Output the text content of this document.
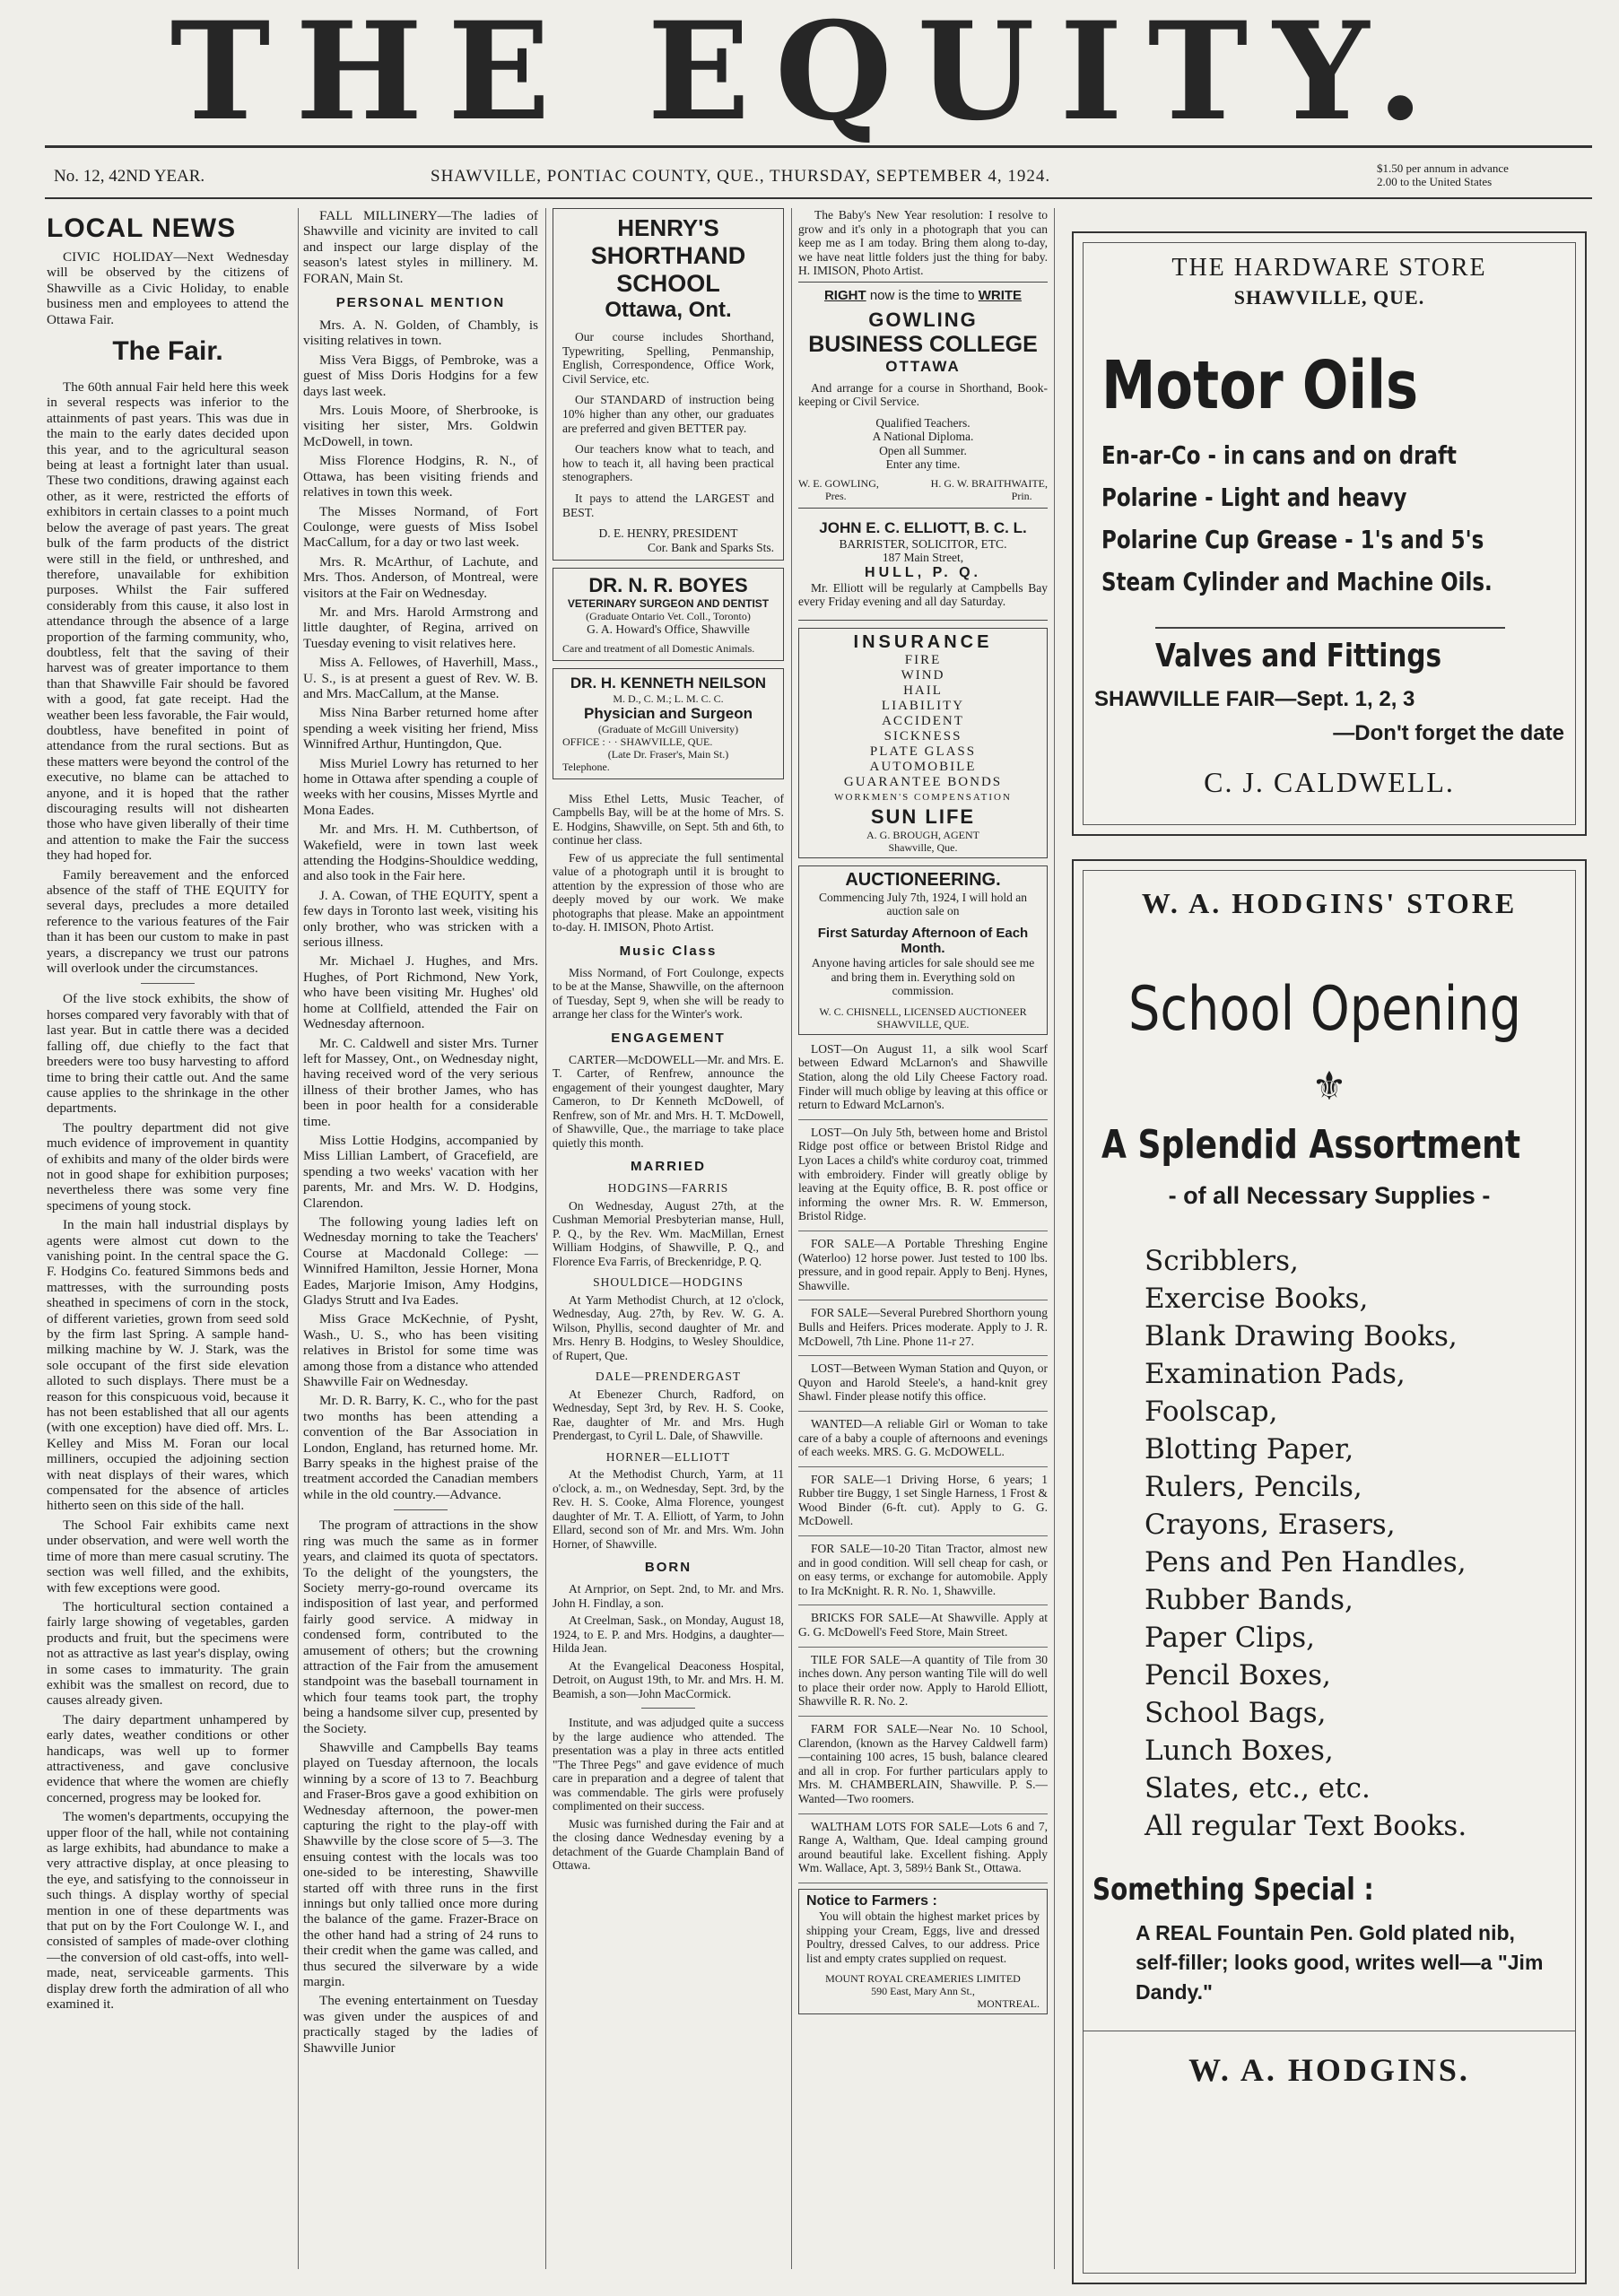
THE EQUITY.
No. 12, 42ND YEAR.	SHAWVILLE, PONTIAC COUNTY, QUE., THURSDAY, SEPTEMBER 4, 1924.	$1.50 per annum in advance
2.00 to the United States
LOCAL NEWS

CIVIC HOLIDAY—Next Wednesday will be observed by the citizens of Shawville as a Civic Holiday, to enable business men and employees to attend the Ottawa Fair.

The Fair.

The 60th annual Fair held here this week in several respects was inferior to the attainments of past years. This was due in the main to the early dates decided upon this year, and to the agricultural season being at least a fortnight later than usual. These two conditions, drawing against each other, as it were, restricted the efforts of exhibitors in certain classes to a point much below the average of past years. The great bulk of the farm products of the district were still in the field, or unthreshed, and therefore, unavailable for exhibition purposes. Whilst the Fair suffered considerably from this cause, it also lost in attendance through the absence of a large proportion of the farming community, who, doubtless, felt that the saving of their harvest was of greater importance to them than that Shawville Fair should be favored with a good, fat gate receipt. Had the weather been less favorable, the Fair would, doubtless, have benefited in point of attendance from the rural sections. But as these matters were beyond the control of the executive, no blame can be attached to anyone, and it is hoped that the rather discouraging results will not dishearten those who have given liberally of their time and attention to make the Fair the success they had hoped for.

Family bereavement and the enforced absence of the staff of THE EQUITY for several days, precludes a more detailed reference to the various features of the Fair than it has been our custom to make in past years, a discrepancy we trust our patrons will overlook under the circumstances.

Of the live stock exhibits, the show of horses compared very favorably with that of last year. But in cattle there was a decided falling off, due chiefly to the fact that breeders were too busy harvesting to afford time to bring their cattle out. And the same cause applies to the shrinkage in the other departments.

The poultry department did not give much evidence of improvement in quantity of exhibits and many of the older birds were not in good shape for exhibition purposes; nevertheless there was some very fine specimens of young stock.

In the main hall industrial displays by agents were almost cut down to the vanishing point. In the central space the G. F. Hodgins Co. featured Simmons beds and mattresses, with the surrounding posts sheathed in specimens of corn in the stock, of different varieties, grown from seed sold by the firm last Spring. A sample hand-milking machine by W. J. Stark, was the sole occupant of the first side elevation alloted to such displays. There must be a reason for this conspicuous void, because it has not been established that all our agents (with one exception) have died off. Mrs. L. Kelley and Miss M. Foran our local milliners, occupied the adjoining section with neat displays of their wares, which compensated for the absence of articles hitherto seen on this side of the hall.

The School Fair exhibits came next under observation, and were well worth the time of more than mere casual scrutiny. The section was well filled, and the exhibits, with few exceptions were good.

The horticultural section contained a fairly large showing of vegetables, garden products and fruit, but the specimens were not as attractive as last year's display, owing in some cases to immaturity. The grain exhibit was the smallest on record, due to causes already given.

The dairy department unhampered by early dates, weather conditions or other handicaps, was well up to former attractiveness, and gave conclusive evidence that where the women are chiefly concerned, progress may be looked for.

The women's departments, occupying the upper floor of the hall, while not containing as large exhibits, had abundance to make a very attractive display, at once pleasing to the eye, and satisfying to the connoisseur in such things. A display worthy of special mention in one of these departments was that put on by the Fort Coulonge W. I., and consisted of samples of made-over clothing—the conversion of old cast-offs, into well-made, neat, serviceable garments. This display drew forth the admiration of all who examined it.

FALL MILLINERY—The ladies of Shawville and vicinity are invited to call and inspect our large display of the season's latest styles in millinery. M. FORAN, Main St.

PERSONAL MENTION

Mrs. A. N. Golden, of Chambly, is visiting relatives in town.

Miss Vera Biggs, of Pembroke, was a guest of Miss Doris Hodgins for a few days last week.

Mrs. Louis Moore, of Sherbrooke, is visiting her sister, Mrs. Goldwin McDowell, in town.

Miss Florence Hodgins, R. N., of Ottawa, has been visiting friends and relatives in town this week.

The Misses Normand, of Fort Coulonge, were guests of Miss Isobel MacCallum, for a day or two last week.

Mrs. R. McArthur, of Lachute, and Mrs. Thos. Anderson, of Montreal, were visitors at the Fair on Wednesday.

Mr. and Mrs. Harold Armstrong and little daughter, of Regina, arrived on Tuesday evening to visit relatives here.

Miss A. Fellowes, of Haverhill, Mass., U. S., is at present a guest of Rev. W. B. and Mrs. MacCallum, at the Manse.

Miss Nina Barber returned home after spending a week visiting her friend, Miss Winnifred Arthur, Huntingdon, Que.

Miss Muriel Lowry has returned to her home in Ottawa after spending a couple of weeks with her cousins, Misses Myrtle and Mona Eades.

Mr. and Mrs. H. M. Cuthbertson, of Wakefield, were in town last week attending the Hodgins-Shouldice wedding, and also took in the Fair here.

J. A. Cowan, of THE EQUITY, spent a few days in Toronto last week, visiting his only brother, who was stricken with a serious illness.

Mr. Michael J. Hughes, and Mrs. Hughes, of Port Richmond, New York, who have been visiting Mr. Hughes' old home at Collfield, attended the Fair on Wednesday afternoon.

Mr. C. Caldwell and sister Mrs. Turner left for Massey, Ont., on Wednesday night, having received word of the very serious illness of their brother James, who has been in poor health for a considerable time.

Miss Lottie Hodgins, accompanied by Miss Lillian Lambert, of Gracefield, are spending a two weeks' vacation with her parents, Mr. and Mrs. W. D. Hodgins, Clarendon.

The following young ladies left on Wednesday morning to take the Teachers' Course at Macdonald College: — Winnifred Hamilton, Jessie Horner, Mona Eades, Marjorie Imison, Amy Hodgins, Gladys Strutt and Iva Eades.

Miss Grace McKechnie, of Pysht, Wash., U. S., who has been visiting relatives in Bristol for some time was among those from a distance who attended Shawville Fair on Wednesday.

Mr. D. R. Barry, K. C., who for the past two months has been attending a convention of the Bar Association in London, England, has returned home. Mr. Barry speaks in the highest praise of the treatment accorded the Canadian members while in the old country.—Advance.

The program of attractions in the show ring was much the same as in former years, and claimed its quota of spectators. To the delight of the youngsters, the Society merry-go-round overcame its indisposition of last year, and performed fairly good service. A midway in condensed form, contributed to the amusement of others; but the crowning attraction of the Fair from the amusement standpoint was the baseball tournament in which four teams took part, the trophy being a handsome silver cup, presented by the Society.

Shawville and Campbells Bay teams played on Tuesday afternoon, the locals winning by a score of 13 to 7. Beachburg and Fraser-Bros gave a good exhibition on Wednesday afternoon, the power-men capturing the right to the play-off with Shawville by the close score of 5—3. The ensuing contest with the locals was too one-sided to be interesting, Shawville started off with three runs in the first innings but only tallied once more during the balance of the game. Frazer-Brace on the other hand had a string of 24 runs to their credit when the game was called, and thus secured the silverware by a wide margin.

The evening entertainment on Tuesday was given under the auspices of and practically staged by the ladies of Shawville Junior

HENRY'S
SHORTHAND SCHOOL
Ottawa, Ont.

Our course includes Shorthand, Typewriting, Spelling, Penmanship, English, Correspondence, Office Work, Civil Service, etc.

Our STANDARD of instruction being 10% higher than any other, our graduates are preferred and given BETTER pay.

Our teachers know what to teach, and how to teach it, all having been practical stenographers.

It pays to attend the LARGEST and BEST.

D. E. HENRY, PRESIDENT
Cor. Bank and Sparks Sts.
DR. N. R. BOYES
VETERINARY SURGEON AND DENTIST
(Graduate Ontario Vet. Coll., Toronto)
G. A. Howard's Office, Shawville
Care and treatment of all Domestic Animals.
DR. H. KENNETH NEILSON
M. D., C. M.; L. M. C. C.
Physician and Surgeon
(Graduate of McGill University)
OFFICE : · · SHAWVILLE, QUE.
(Late Dr. Fraser's, Main St.)
Telephone.

Miss Ethel Letts, Music Teacher, of Campbells Bay, will be at the home of Mrs. S. E. Hodgins, Shawville, on Sept. 5th and 6th, to continue her class.

Few of us appreciate the full sentimental value of a photograph until it is brought to attention by the expression of those who are deeply moved by our work. We make photographs that please. Make an appointment to-day. H. IMISON, Photo Artist.

Music Class

Miss Normand, of Fort Coulonge, expects to be at the Manse, Shawville, on the afternoon of Tuesday, Sept 9, when she will be ready to arrange her class for the Winter's work.

ENGAGEMENT

CARTER—McDOWELL—Mr. and Mrs. E. T. Carter, of Renfrew, announce the engagement of their youngest daughter, Mary Cameron, to Dr Kenneth McDowell, of Renfrew, son of Mr. and Mrs. H. T. McDowell, of Shawville, Que., the marriage to take place quietly this month.

MARRIED
HODGINS—FARRIS

On Wednesday, August 27th, at the Cushman Memorial Presbyterian manse, Hull, P. Q., by the Rev. Wm. MacMillan, Ernest William Hodgins, of Shawville, P. Q., and Florence Eva Farris, of Breckenridge, P. Q.

SHOULDICE—HODGINS

At Yarm Methodist Church, at 12 o'clock, Wednesday, Aug. 27th, by Rev. W. G. A. Wilson, Phyllis, second daughter of Mr. and Mrs. Henry B. Hodgins, to Wesley Shouldice, of Rupert, Que.

DALE—PRENDERGAST

At Ebenezer Church, Radford, on Wednesday, Sept 3rd, by Rev. H. S. Cooke, Rae, daughter of Mr. and Mrs. Hugh Prendergast, to Cyril L. Dale, of Shawville.

HORNER—ELLIOTT

At the Methodist Church, Yarm, at 11 o'clock, a. m., on Wednesday, Sept. 3rd, by the Rev. H. S. Cooke, Alma Florence, youngest daughter of Mr. T. A. Elliott, of Yarm, to John Ellard, second son of Mr. and Mrs. Wm. John Horner, of Shawville.

BORN

At Arnprior, on Sept. 2nd, to Mr. and Mrs. John H. Findlay, a son.

At Creelman, Sask., on Monday, August 18, 1924, to E. P. and Mrs. Hodgins, a daughter—Hilda Jean.

At the Evangelical Deaconess Hospital, Detroit, on August 19th, to Mr. and Mrs. H. M. Beamish, a son—John MacCormick.

Institute, and was adjudged quite a success by the large audience who attended. The presentation was a play in three acts entitled "The Three Pegs" and gave evidence of much care in preparation and a degree of talent that was commendable. The girls were profusely complimented on their success.

Music was furnished during the Fair and at the closing dance Wednesday evening by a detachment of the Guarde Champlain Band of Ottawa.

The Baby's New Year resolution: I resolve to grow and it's only in a photograph that you can keep me as I am today. Bring them along to-day, we have neat little folders just the thing for baby. H. IMISON, Photo Artist.

RIGHT now is the time to WRITE
GOWLING
BUSINESS COLLEGE
OTTAWA

And arrange for a course in Shorthand, Book-keeping or Civil Service.

Qualified Teachers.
A National Diploma.
Open all Summer.
Enter any time.
W. E. GOWLING,
Pres.
H. G. W. BRAITHWAITE,
Prin.
JOHN E. C. ELLIOTT, B. C. L.
BARRISTER, SOLICITOR, ETC.
187 Main Street,
HULL, P. Q.

Mr. Elliott will be regularly at Campbells Bay every Friday evening and all day Saturday.

INSURANCE
FIRE
WIND
HAIL
LIABILITY
ACCIDENT
SICKNESS
PLATE GLASS
AUTOMOBILE
GUARANTEE BONDS
WORKMEN'S COMPENSATION
SUN LIFE
A. G. BROUGH, AGENT
Shawville, Que.
AUCTIONEERING.

Commencing July 7th, 1924, I will hold an auction sale on

First Saturday Afternoon of Each Month.

Anyone having articles for sale should see me and bring them in. Everything sold on commission.

W. C. CHISNELL, LICENSED AUCTIONEER
SHAWVILLE, QUE.

LOST—On August 11, a silk wool Scarf between Edward McLarnon's and Shawville Station, along the old Lily Cheese Factory road. Finder will much oblige by leaving at this office or return to Edward McLarnon's.

LOST—On July 5th, between home and Bristol Ridge post office or between Bristol Ridge and Lyon Laces a child's white corduroy coat, trimmed with embroidery. Finder will greatly oblige by leaving at the Equity office, B. R. post office or informing the owner Mrs. R. W. Emmerson, Bristol Ridge.

FOR SALE—A Portable Threshing Engine (Waterloo) 12 horse power. Just tested to 100 lbs. pressure, and in good repair. Apply to Benj. Hynes, Shawville.

FOR SALE—Several Purebred Shorthorn young Bulls and Heifers. Prices moderate. Apply to J. R. McDowell, 7th Line. Phone 11-r 27.

LOST—Between Wyman Station and Quyon, or Quyon and Harold Steele's, a hand-knit grey Shawl. Finder please notify this office.

WANTED—A reliable Girl or Woman to take care of a baby a couple of afternoons and evenings of each weeks. MRS. G. G. McDOWELL.

FOR SALE—1 Driving Horse, 6 years; 1 Rubber tire Buggy, 1 set Single Harness, 1 Frost & Wood Binder (6-ft. cut). Apply to G. G. McDowell.

FOR SALE—10-20 Titan Tractor, almost new and in good condition. Will sell cheap for cash, or on easy terms, or exchange for automobile. Apply to Ira McKnight. R. R. No. 1, Shawville.

BRICKS FOR SALE—At Shawville. Apply at G. G. McDowell's Feed Store, Main Street.

TILE FOR SALE—A quantity of Tile from 30 inches down. Any person wanting Tile will do well to place their order now. Apply to Harold Elliott, Shawville R. R. No. 2.

FARM FOR SALE—Near No. 10 School, Clarendon, (known as the Harvey Caldwell farm)—containing 100 acres, 15 bush, balance cleared and all in crop. For further particulars apply to Mrs. M. CHAMBERLAIN, Shawville. P. S.—Wanted—Two roomers.

WALTHAM LOTS FOR SALE—Lots 6 and 7, Range A, Waltham, Que. Ideal camping ground around beautiful lake. Excellent fishing. Apply Wm. Wallace, Apt. 3, 589½ Bank St., Ottawa.

Notice to Farmers :

You will obtain the highest market prices by shipping your Cream, Eggs, live and dressed Poultry, dressed Calves, to our address. Price list and empty crates supplied on request.

MOUNT ROYAL CREAMERIES LIMITED
590 East, Mary Ann St.,
MONTREAL.
THE HARDWARE STORE
SHAWVILLE, QUE.
Motor Oils
En-ar-Co - in cans and on draft
Polarine - Light and heavy
Polarine Cup Grease - 1's and 5's
Steam Cylinder and Machine Oils.
Valves and Fittings
SHAWVILLE FAIR—Sept. 1, 2, 3
—Don't forget the date
C. J. CALDWELL.
W. A. HODGINS' STORE
School Opening
⚜
A Splendid Assortment
- of all Necessary Supplies -
Scribblers,
Exercise Books,
Blank Drawing Books,
Examination Pads,
Foolscap,
Blotting Paper,
Rulers, Pencils,
Crayons, Erasers,
Pens and Pen Handles,
Rubber Bands,
Paper Clips,
Pencil Boxes,
School Bags,
Lunch Boxes,
Slates, etc., etc.
All regular Text Books.
Something Special :
A REAL Fountain Pen. Gold plated nib, self-filler; looks good, writes well—a "Jim Dandy."
W. A. HODGINS.
